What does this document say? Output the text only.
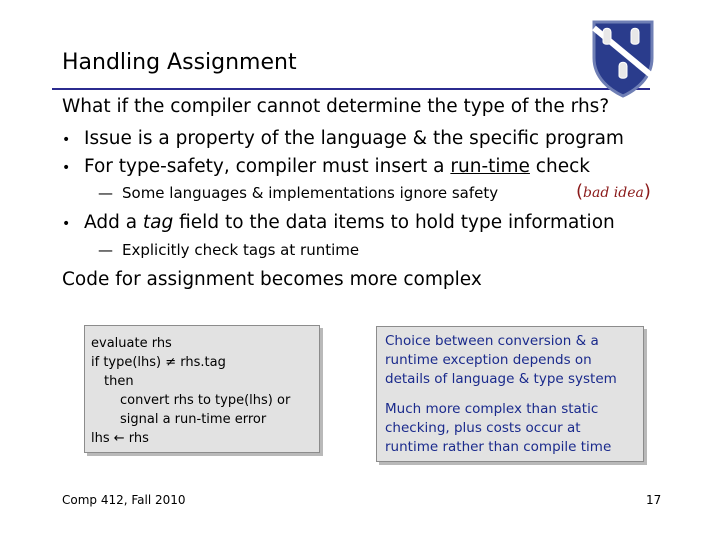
Handling Assignment
What if the compiler cannot determine the type of the rhs?
• Issue is a property of the language & the specific program
• For type-safety, compiler must insert a run-time check
— Some languages & implementations ignore safety	(bad idea)
• Add a tag field to the data items to hold type information
— Explicitly check tags at runtime
Code for assignment becomes more complex
evaluate rhs
if type(lhs) ≠ rhs.tag
then
convert rhs to type(lhs) or
signal a run-time error
lhs ← rhs
Choice between conversion & a
runtime exception depends on
details of language & type system
Much more complex than static
checking, plus costs occur at
runtime rather than compile time
Comp 412, Fall 2010	17
